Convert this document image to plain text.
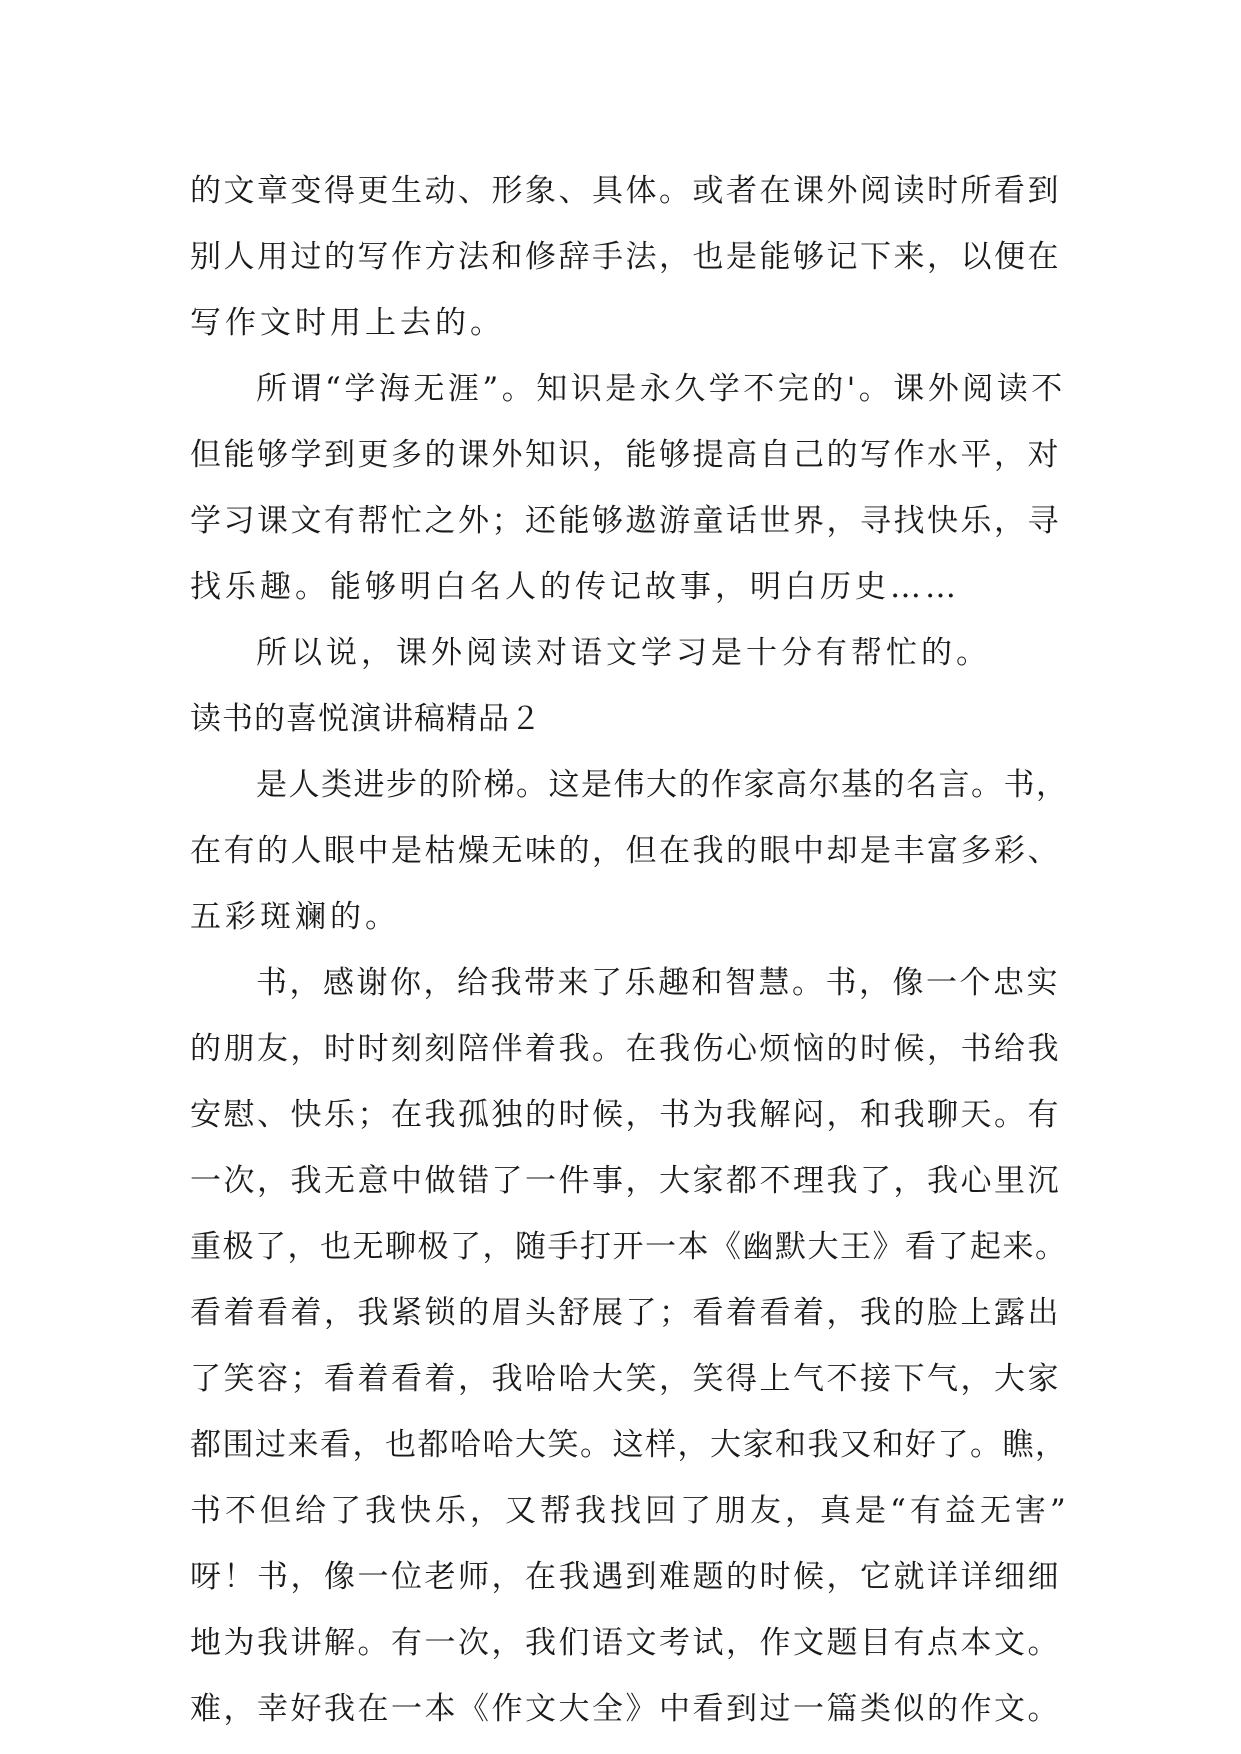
的文章变得更生动、形象、具体。或者在课外阅读时所看到
别人用过的写作方法和修辞手法，也是能够记下来，以便在
写作文时用上去的。
所谓“学海无涯”。知识是永久学不完的'。课外阅读不
但能够学到更多的课外知识，能够提高自己的写作水平，对
学习课文有帮忙之外；还能够遨游童话世界，寻找快乐，寻
找乐趣。能够明白名人的传记故事，明白历史……
所以说，课外阅读对语文学习是十分有帮忙的。
读书的喜悦演讲稿精品２
是人类进步的阶梯。这是伟大的作家高尔基的名言。书，
在有的人眼中是枯燥无味的，但在我的眼中却是丰富多彩、
五彩斑斓的。
书，感谢你，给我带来了乐趣和智慧。书，像一个忠实
的朋友，时时刻刻陪伴着我。在我伤心烦恼的时候，书给我
安慰、快乐；在我孤独的时候，书为我解闷，和我聊天。有
一次，我无意中做错了一件事，大家都不理我了，我心里沉
重极了，也无聊极了，随手打开一本《幽默大王》看了起来。
看着看着，我紧锁的眉头舒展了；看着看着，我的脸上露出
了笑容；看着看着，我哈哈大笑，笑得上气不接下气，大家
都围过来看，也都哈哈大笑。这样，大家和我又和好了。瞧，
书不但给了我快乐，又帮我找回了朋友，真是“有益无害”
呀！书，像一位老师，在我遇到难题的时候，它就详详细细
地为我讲解。有一次，我们语文考试，作文题目有点本文。
难，幸好我在一本《作文大全》中看到过一篇类似的作文。
